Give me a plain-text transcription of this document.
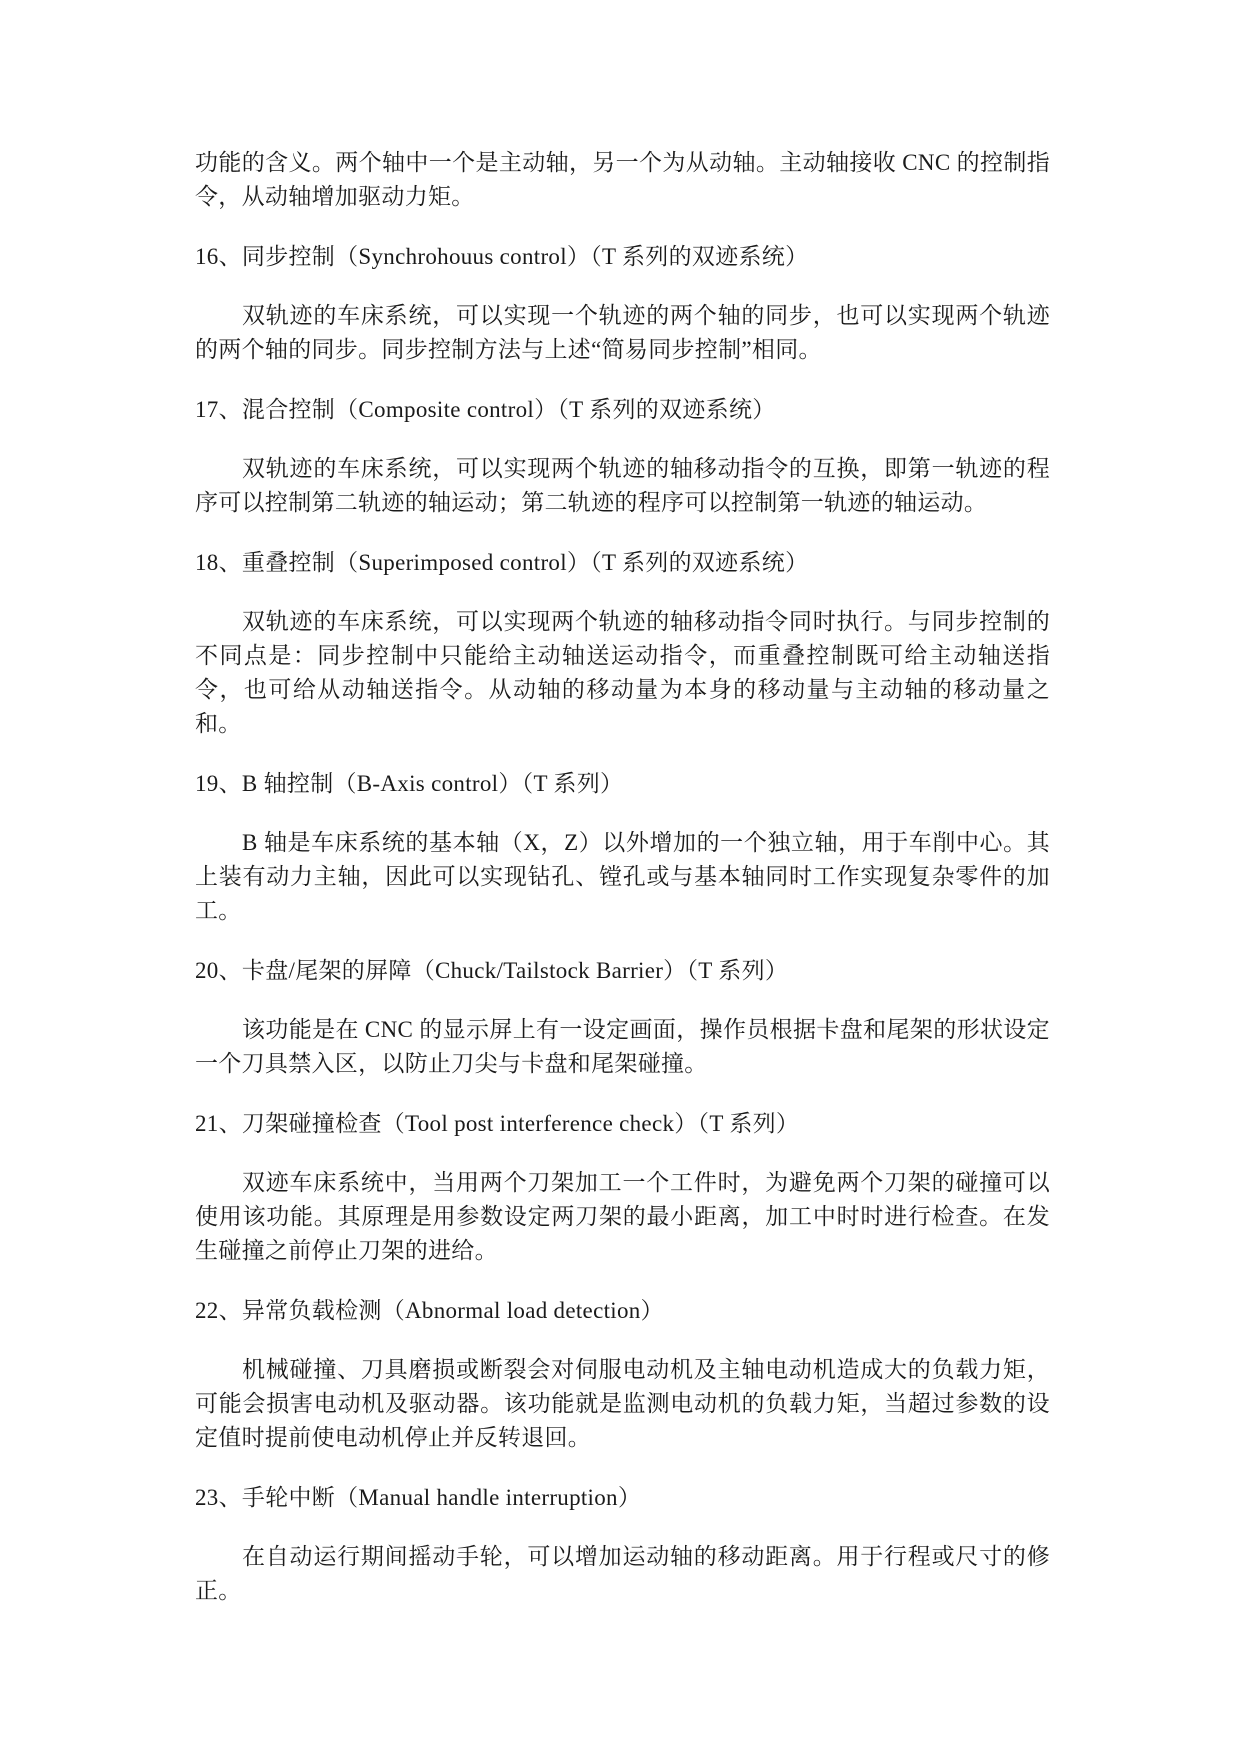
功能的含义。两个轴中一个是主动轴，另一个为从动轴。主动轴接收 CNC 的控制指令，从动轴增加驱动力矩。

16、同步控制（Synchrohouus control）（T 系列的双迹系统）

双轨迹的车床系统，可以实现一个轨迹的两个轴的同步，也可以实现两个轨迹的两个轴的同步。同步控制方法与上述“简易同步控制”相同。

17、混合控制（Composite control）（T 系列的双迹系统）

双轨迹的车床系统，可以实现两个轨迹的轴移动指令的互换，即第一轨迹的程序可以控制第二轨迹的轴运动；第二轨迹的程序可以控制第一轨迹的轴运动。

18、重叠控制（Superimposed control）（T 系列的双迹系统）

双轨迹的车床系统，可以实现两个轨迹的轴移动指令同时执行。与同步控制的不同点是：同步控制中只能给主动轴送运动指令，而重叠控制既可给主动轴送指令，也可给从动轴送指令。从动轴的移动量为本身的移动量与主动轴的移动量之和。

19、B 轴控制（B-Axis control）（T 系列）

B 轴是车床系统的基本轴（X，Z）以外增加的一个独立轴，用于车削中心。其上装有动力主轴，因此可以实现钻孔、镗孔或与基本轴同时工作实现复杂零件的加工。

20、卡盘/尾架的屏障（Chuck/Tailstock Barrier）（T 系列）

该功能是在 CNC 的显示屏上有一设定画面，操作员根据卡盘和尾架的形状设定一个刀具禁入区，以防止刀尖与卡盘和尾架碰撞。

21、刀架碰撞检查（Tool post interference check）（T 系列）

双迹车床系统中，当用两个刀架加工一个工件时，为避免两个刀架的碰撞可以使用该功能。其原理是用参数设定两刀架的最小距离，加工中时时进行检查。在发生碰撞之前停止刀架的进给。

22、异常负载检测（Abnormal load detection）

机械碰撞、刀具磨损或断裂会对伺服电动机及主轴电动机造成大的负载力矩，可能会损害电动机及驱动器。该功能就是监测电动机的负载力矩，当超过参数的设定值时提前使电动机停止并反转退回。

23、手轮中断（Manual handle interruption）

在自动运行期间摇动手轮，可以增加运动轴的移动距离。用于行程或尺寸的修正。
